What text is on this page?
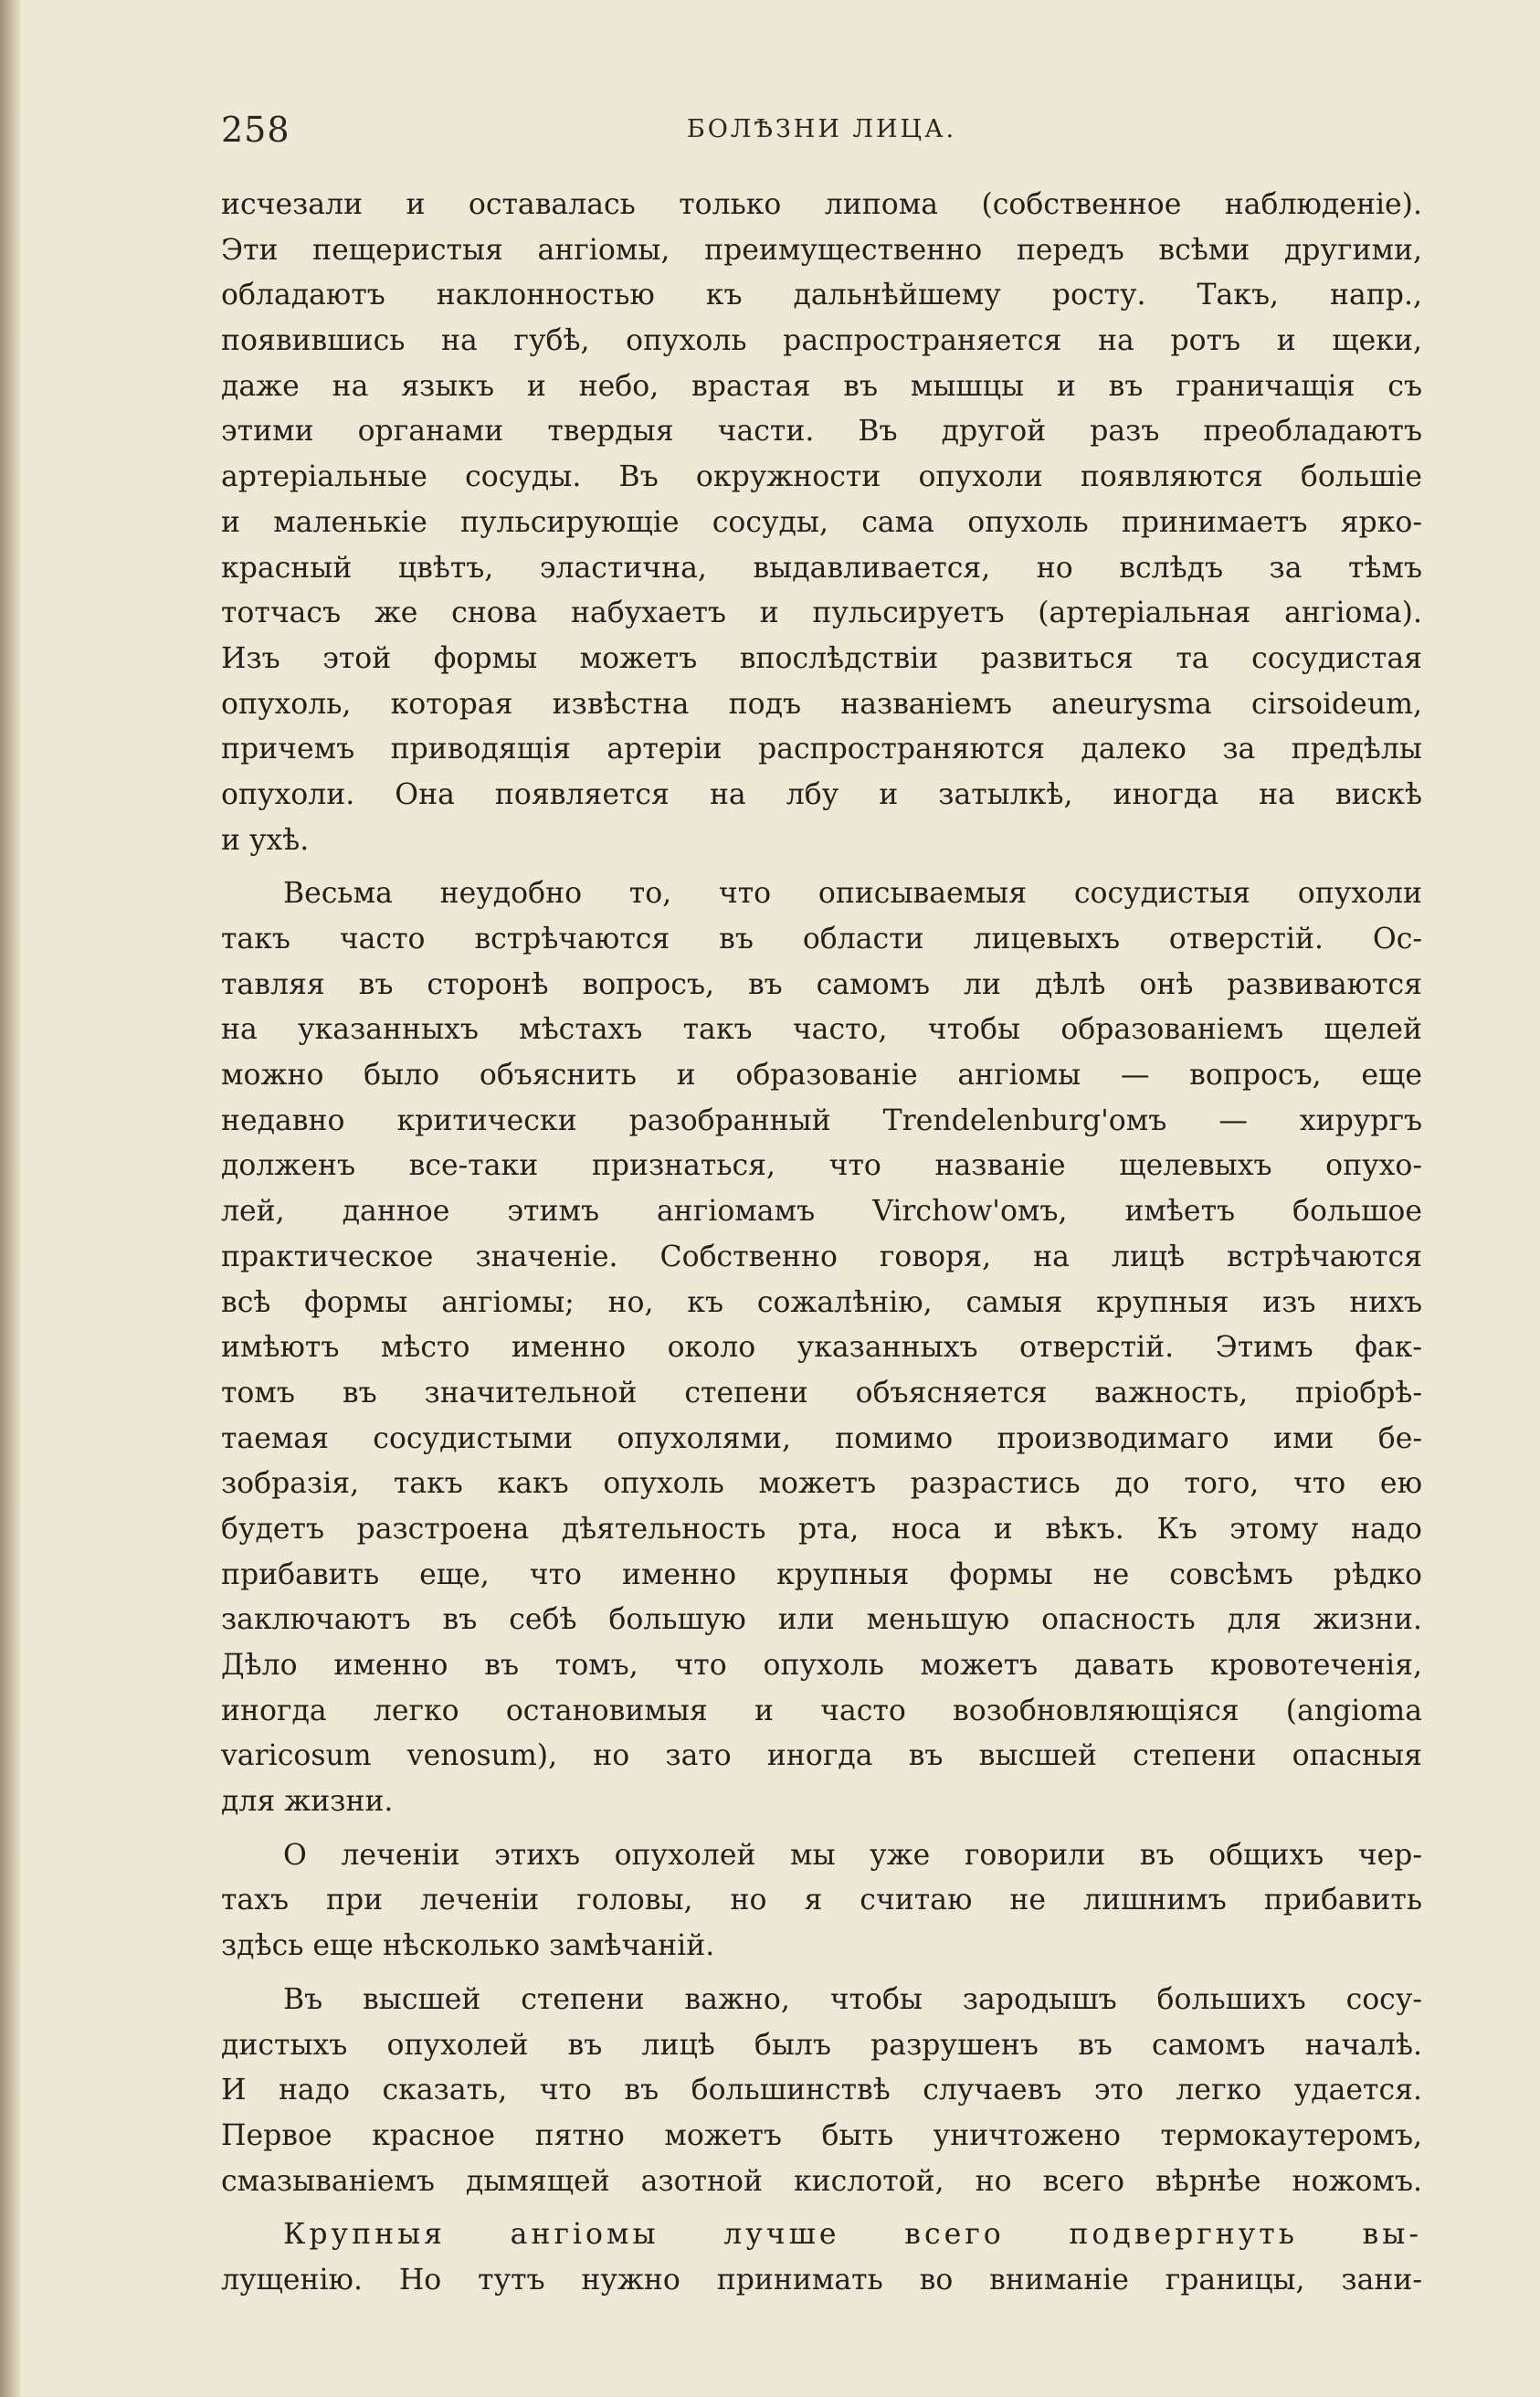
258	БОЛѢЗНИ ЛИЦА.
исчезали и оставалась только липома (собственное наблюденіе).
Эти пещеристыя ангіомы, преимущественно передъ всѣми другими,
обладаютъ наклонностью къ дальнѣйшему росту. Такъ, напр.,
появившись на губѣ, опухоль распространяется на ротъ и щеки,
даже на языкъ и небо, врастая въ мышцы и въ граничащія съ
этими органами твердыя части. Въ другой разъ преобладаютъ
артеріальные сосуды. Въ окружности опухоли появляются большіе
и маленькіе пульсирующіе сосуды, сама опухоль принимаетъ ярко-
красный цвѣтъ, эластична, выдавливается, но вслѣдъ за тѣмъ
тотчасъ же снова набухаетъ и пульсируетъ (артеріальная ангіома).
Изъ этой формы можетъ впослѣдствіи развиться та сосудистая
опухоль, которая извѣстна подъ названіемъ aneurysma cirsoideum,
причемъ приводящія артеріи распространяются далеко за предѣлы
опухоли. Она появляется на лбу и затылкѣ, иногда на вискѣ
и ухѣ.
Весьма неудобно то, что описываемыя сосудистыя опухоли
такъ часто встрѣчаются въ области лицевыхъ отверстій. Ос-
тавляя въ сторонѣ вопросъ, въ самомъ ли дѣлѣ онѣ развиваются
на указанныхъ мѣстахъ такъ часто, чтобы образованіемъ щелей
можно было объяснить и образованіе ангіомы — вопросъ, еще
недавно критически разобранный Trendelenburg'омъ — хирургъ
долженъ все-таки признаться, что названіе щелевыхъ опухо-
лей, данное этимъ ангіомамъ Virchow'омъ, имѣетъ большое
практическое значеніе. Собственно говоря, на лицѣ встрѣчаются
всѣ формы ангіомы; но, къ сожалѣнію, самыя крупныя изъ нихъ
имѣютъ мѣсто именно около указанныхъ отверстій. Этимъ фак-
томъ въ значительной степени объясняется важность, пріобрѣ-
таемая сосудистыми опухолями, помимо производимаго ими бе-
зобразія, такъ какъ опухоль можетъ разрастись до того, что ею
будетъ разстроена дѣятельность рта, носа и вѣкъ. Къ этому надо
прибавить еще, что именно крупныя формы не совсѣмъ рѣдко
заключаютъ въ себѣ большую или меньшую опасность для жизни.
Дѣло именно въ томъ, что опухоль можетъ давать кровотеченія,
иногда легко остановимыя и часто возобновляющіяся (angioma
varicosum venosum), но зато иногда въ высшей степени опасныя
для жизни.
О леченіи этихъ опухолей мы уже говорили въ общихъ чер-
тахъ при леченіи головы, но я считаю не лишнимъ прибавить
здѣсь еще нѣсколько замѣчаній.
Въ высшей степени важно, чтобы зародышъ большихъ сосу-
дистыхъ опухолей въ лицѣ былъ разрушенъ въ самомъ началѣ.
И надо сказать, что въ большинствѣ случаевъ это легко удается.
Первое красное пятно можетъ быть уничтожено термокаутеромъ,
смазываніемъ дымящей азотной кислотой, но всего вѣрнѣе ножомъ.
Крупныя ангіомы лучше всего подвергнуть вы-
лущенію. Но тутъ нужно принимать во вниманіе границы, зани-
